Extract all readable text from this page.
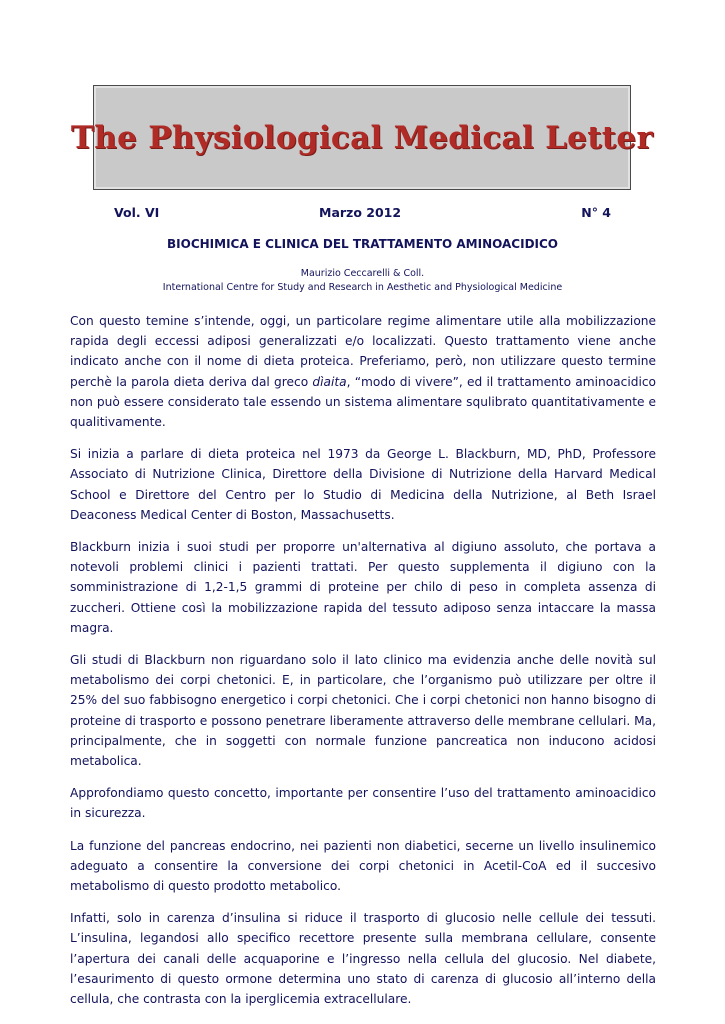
The Physiological Medical Letter
Vol. VI	Marzo 2012	N° 4
BIOCHIMICA E CLINICA DEL TRATTAMENTO AMINOACIDICO
Maurizio Ceccarelli & Coll.
International Centre for Study and Research in Aesthetic and Physiological Medicine

Con questo temine s’intende, oggi, un particolare regime alimentare utile alla mobilizzazione rapida degli eccessi adiposi generalizzati e/o localizzati. Questo trattamento viene anche indicato anche con il nome di dieta proteica. Preferiamo, però, non utilizzare questo termine perchè la parola dieta deriva dal greco dìaita, “modo di vivere”, ed il trattamento aminoacidico non può essere considerato tale essendo un sistema alimentare squlibrato quantitativamente e qualitivamente.

Si inizia a parlare di dieta proteica nel 1973 da George L. Blackburn, MD, PhD, Professore Associato di Nutrizione Clinica, Direttore della Divisione di Nutrizione della Harvard Medical School e Direttore del Centro per lo Studio di Medicina della Nutrizione, al Beth Israel Deaconess Medical Center di Boston, Massachusetts.

Blackburn inizia i suoi studi per proporre un'alternativa al digiuno assoluto, che portava a notevoli problemi clinici i pazienti trattati. Per questo supplementa il digiuno con la somministrazione di 1,2-1,5 grammi di proteine per chilo di peso in completa assenza di zuccheri. Ottiene così la mobilizzazione rapida del tessuto adiposo senza intaccare la massa magra.

Gli studi di Blackburn non riguardano solo il lato clinico ma evidenzia anche delle novità sul metabolismo dei corpi chetonici. E, in particolare, che l’organismo può utilizzare per oltre il 25% del suo fabbisogno energetico i corpi chetonici. Che i corpi chetonici non hanno bisogno di proteine di trasporto e possono penetrare liberamente attraverso delle membrane cellulari. Ma, principalmente, che in soggetti con normale funzione pancreatica non inducono acidosi metabolica.

Approfondiamo questo concetto, importante per consentire l’uso del trattamento aminoacidico in sicurezza.

La funzione del pancreas endocrino, nei pazienti non diabetici, secerne un livello insulinemico adeguato a consentire la conversione dei corpi chetonici in Acetil-CoA ed il succesivo metabolismo di questo prodotto metabolico.

Infatti, solo in carenza d’insulina si riduce il trasporto di glucosio nelle cellule dei tessuti. L’insulina, legandosi allo specifico recettore presente sulla membrana cellulare, consente l’apertura dei canali delle acquaporine e l’ingresso nella cellula del glucosio. Nel diabete, l’esaurimento di questo ormone determina uno stato di carenza di glucosio all’interno della cellula, che contrasta con la iperglicemia extracellulare.
